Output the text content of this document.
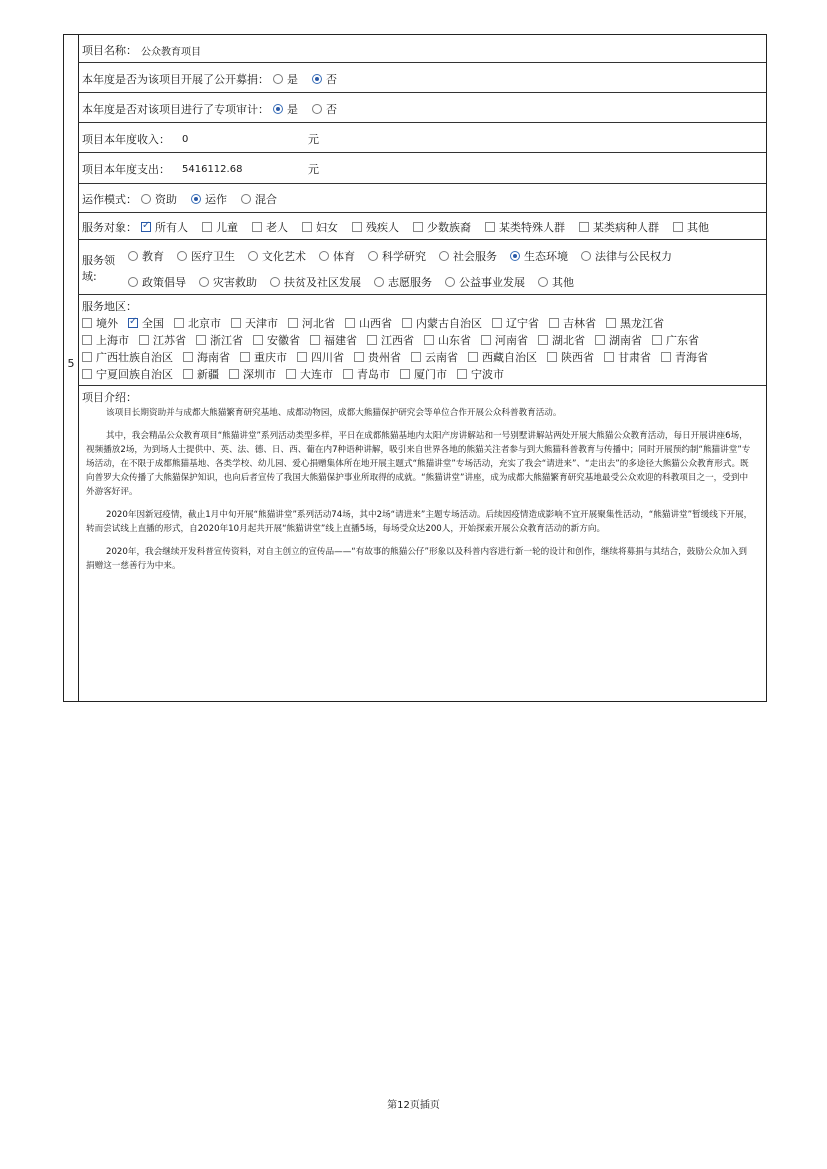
5
项目名称： 公众教育项目
本年度是否为该项目开展了公开募捐： 是	否
本年度是否对该项目进行了专项审计： 是	否
项目本年度收入： 0	元
项目本年度支出： 5416112.68	元
运作模式： 资助	运作	混合
服务对象： ✓ 所有人	儿童	老人	妇女	残疾人	少数族裔	某类特殊人群	某类病种人群	其他
服务领
域:
教育 医疗卫生 文化艺术 体育 科学研究 社会服务 生态环境 法律与公民权力
政策倡导 灾害救助 扶贫及社区发展 志愿服务 公益事业发展 其他
服务地区：
境外 ✓ 全国 北京市 天津市 河北省 山西省 内蒙古自治区 辽宁省 吉林省 黑龙江省
上海市 江苏省 浙江省 安徽省 福建省 江西省 山东省 河南省 湖北省 湖南省 广东省
广西壮族自治区 海南省 重庆市 四川省 贵州省 云南省 西藏自治区 陕西省 甘肃省 青海省
宁夏回族自治区 新疆 深圳市 大连市 青岛市 厦门市 宁波市
项目介绍：

该项目长期资助并与成都大熊猫繁育研究基地、成都动物园，成都大熊猫保护研究会等单位合作开展公众科普教育活动。

其中，我会精品公众教育项目“熊猫讲堂”系列活动类型多样，平日在成都熊猫基地内太阳产房讲解站和一号别墅讲解站两处开展大熊猫公众教育活动，每日开展讲座6场，视频播放2场，为到场人士提供中、英、法、德、日、西、葡在内7种语种讲解，吸引来自世界各地的熊猫关注者参与到大熊猫科普教育与传播中；同时开展预约制“熊猫讲堂”专场活动，在不限于成都熊猫基地、各类学校、幼儿园、爱心捐赠集体所在地开展主题式“熊猫讲堂”专场活动，充实了我会“请进来”、“走出去”的多途径大熊猫公众教育形式。既向普罗大众传播了大熊猫保护知识，也向后者宣传了我国大熊猫保护事业所取得的成就。“熊猫讲堂”讲座，成为成都大熊猫繁育研究基地最受公众欢迎的科教项目之一，受到中外游客好评。

2020年因新冠疫情，截止1月中旬开展“熊猫讲堂”系列活动74场，其中2场“请进来”主题专场活动。后续因疫情造成影响不宜开展聚集性活动，“熊猫讲堂”暂缓线下开展，转而尝试线上直播的形式，自2020年10月起共开展“熊猫讲堂”线上直播5场，每场受众达200人，开始探索开展公众教育活动的新方向。

2020年，我会继续开发科普宣传资料，对自主创立的宣传品——“有故事的熊猫公仔”形象以及科普内容进行新一轮的设计和创作，继续将募捐与其结合，鼓励公众加入到捐赠这一慈善行为中来。

第12页插页
